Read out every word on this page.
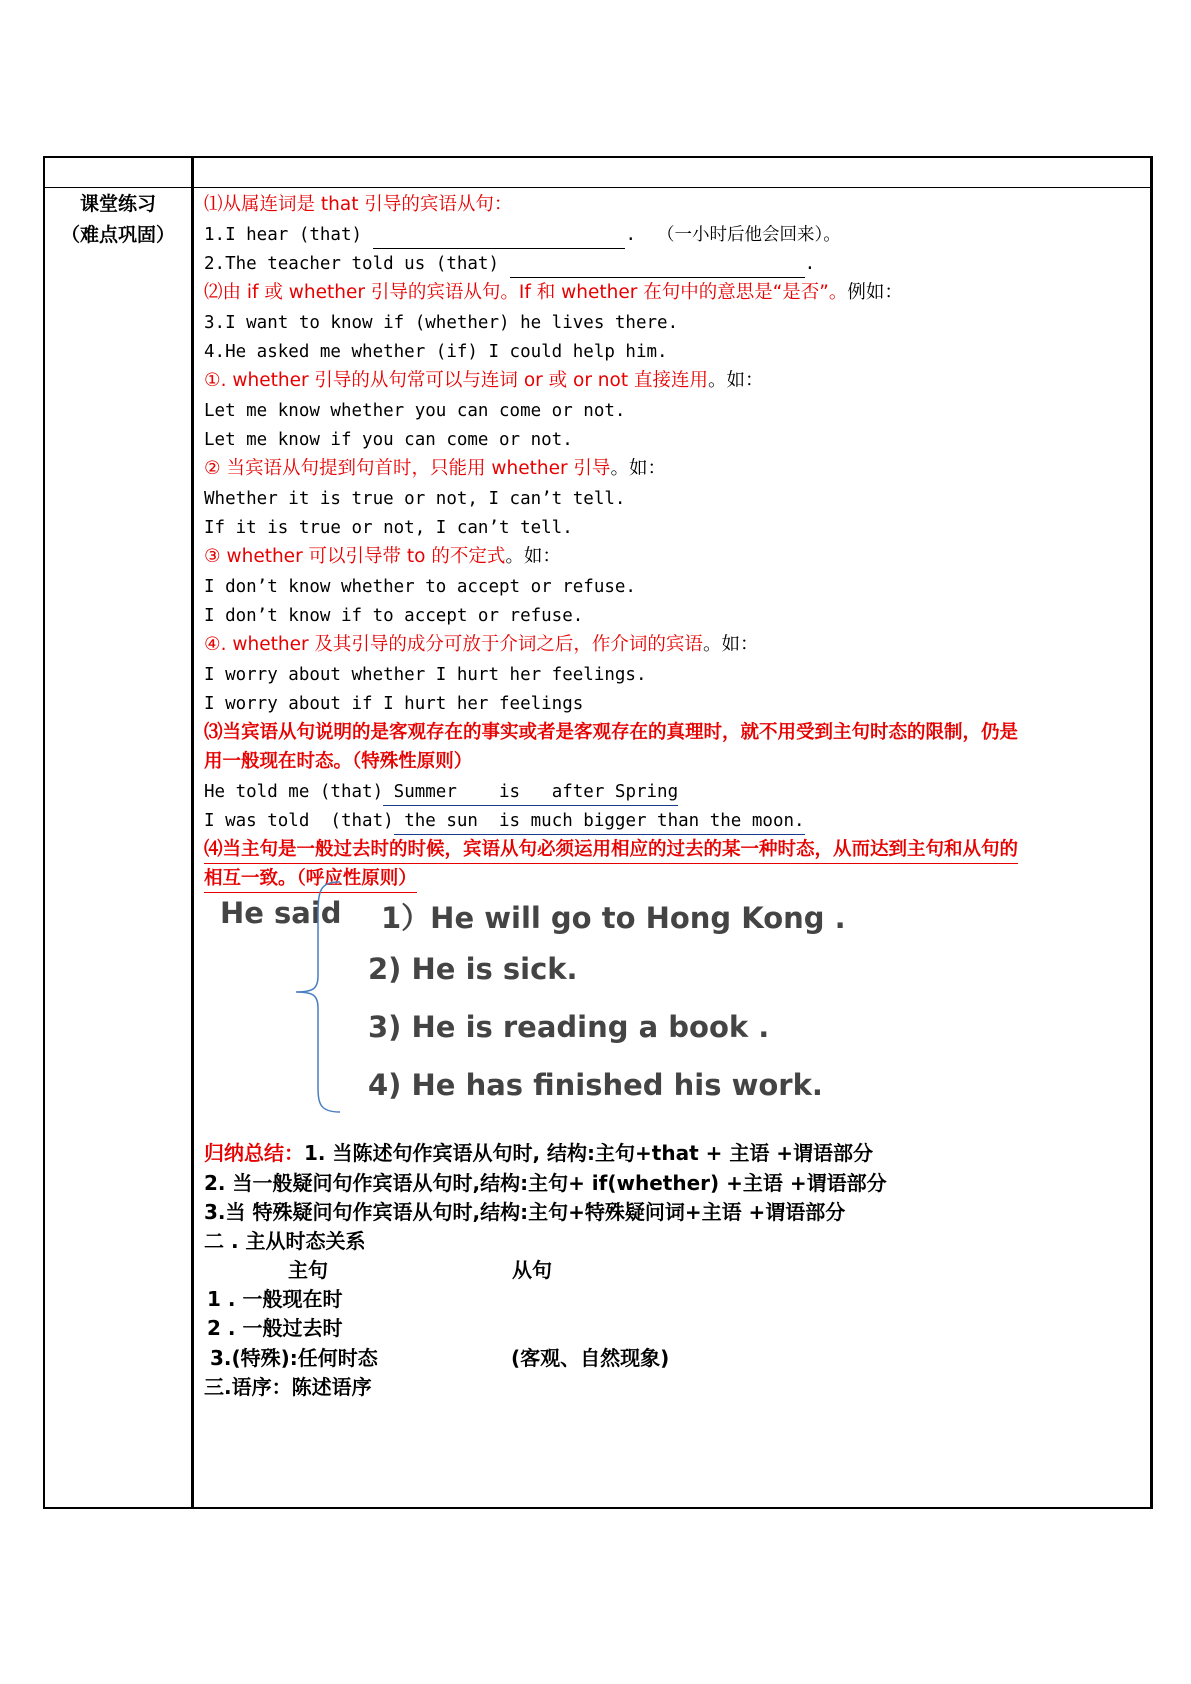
课堂练习
（难点巩固）
⑴从属连词是 that 引导的宾语从句：
1.I hear (that)	.  （一小时后他会回来）。
2.The teacher told us (that)	.
⑵由 if 或 whether 引导的宾语从句。If 和 whether 在句中的意思是“是否”。例如：
3.I want to know if (whether) he lives there.
4.He asked me whether (if) I could help him.
①. whether 引导的从句常可以与连词 or 或 or not 直接连用。如：
Let me know whether you can come or not.
Let me know if you can come or not.
② 当宾语从句提到句首时，只能用 whether 引导。如：
Whether it is true or not, I can’t tell.
If it is true or not, I can’t tell.
③ whether 可以引导带 to 的不定式。如：
I don’t know whether to accept or refuse.
I don’t know if to accept or refuse.
④. whether 及其引导的成分可放于介词之后，作介词的宾语。如：
I worry about whether I hurt her feelings.
I worry about if I hurt her feelings
⑶当宾语从句说明的是客观存在的事实或者是客观存在的真理时，就不用受到主句时态的限制，仍是
用一般现在时态。（特殊性原则）
He told me (that) Summer    is   after Spring
I was told  (that) the sun  is much bigger than the moon.
⑷当主句是一般过去时的时候，宾语从句必须运用相应的过去的某一种时态，从而达到主句和从句的
相互一致。（呼应性原则）
He said 1）He will go to Hong Kong .
2) He is sick.
3) He is reading a book .
4) He has finished his work.
归纳总结：1. 当陈述句作宾语从句时, 结构:主句+that + 主语 +谓语部分
2. 当一般疑问句作宾语从句时,结构:主句+ if(whether) +主语 +谓语部分
3.当 特殊疑问句作宾语从句时,结构:主句+特殊疑问词+主语 +谓语部分
二 . 主从时态关系
主句	从句
1 . 一般现在时
2 . 一般过去时
3.(特殊):任何时态	(客观、自然现象)
三.语序：陈述语序
